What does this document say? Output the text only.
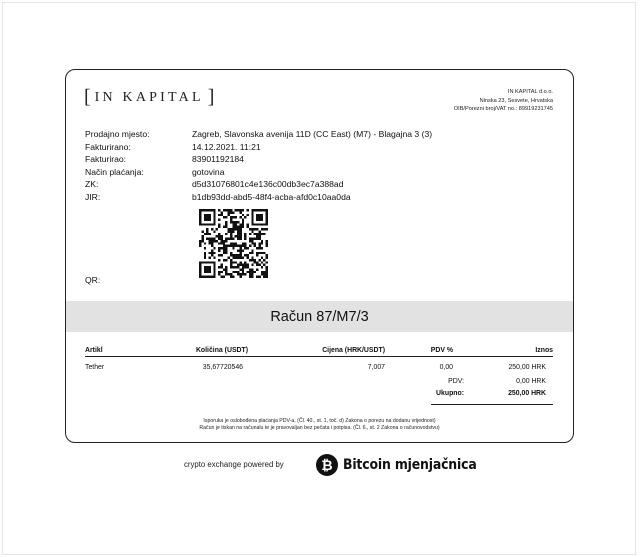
[ IN KAPITAL ]	IN KAPITAL d.o.o.
Ninska 23, Sesvete, Hrvatska
OIB/Porezni broj/VAT no.: 89919231745
Prodajno mjesto:	Zagreb, Slavonska avenija 11D (CC East) (M7) - Blagajna 3 (3)
Fakturirano:	14.12.2021. 11:21
Fakturirao:	83901192184
Način plaćanja:	gotovina
ZK:	d5d31076801c4e136c00db3ec7a388ad
JIR:	b1db93dd-abd5-48f4-acba-afd0c10aa0da
QR:
Račun 87/M7/3
Artikl	Količina (USDT)	Cijena (HRK/USDT)	PDV %	Iznos
Tether	35,67720546	7,007	0,00	250,00 HRK
PDV:	0,00 HRK
Ukupno:	250,00 HRK
Isporuka je oslobođena plaćanja PDV-a, (Čl. 40., st. 1, toč. d) Zakona o porezu na dodanu vrijednost)
Račun je tiskan na računalu te je pravovaljan bez pečata i potpisa. (Čl. 6., st. 2 Zakona o računovodstvu)
crypto exchange powered by	₿ Bitcoin mjenjačnica
